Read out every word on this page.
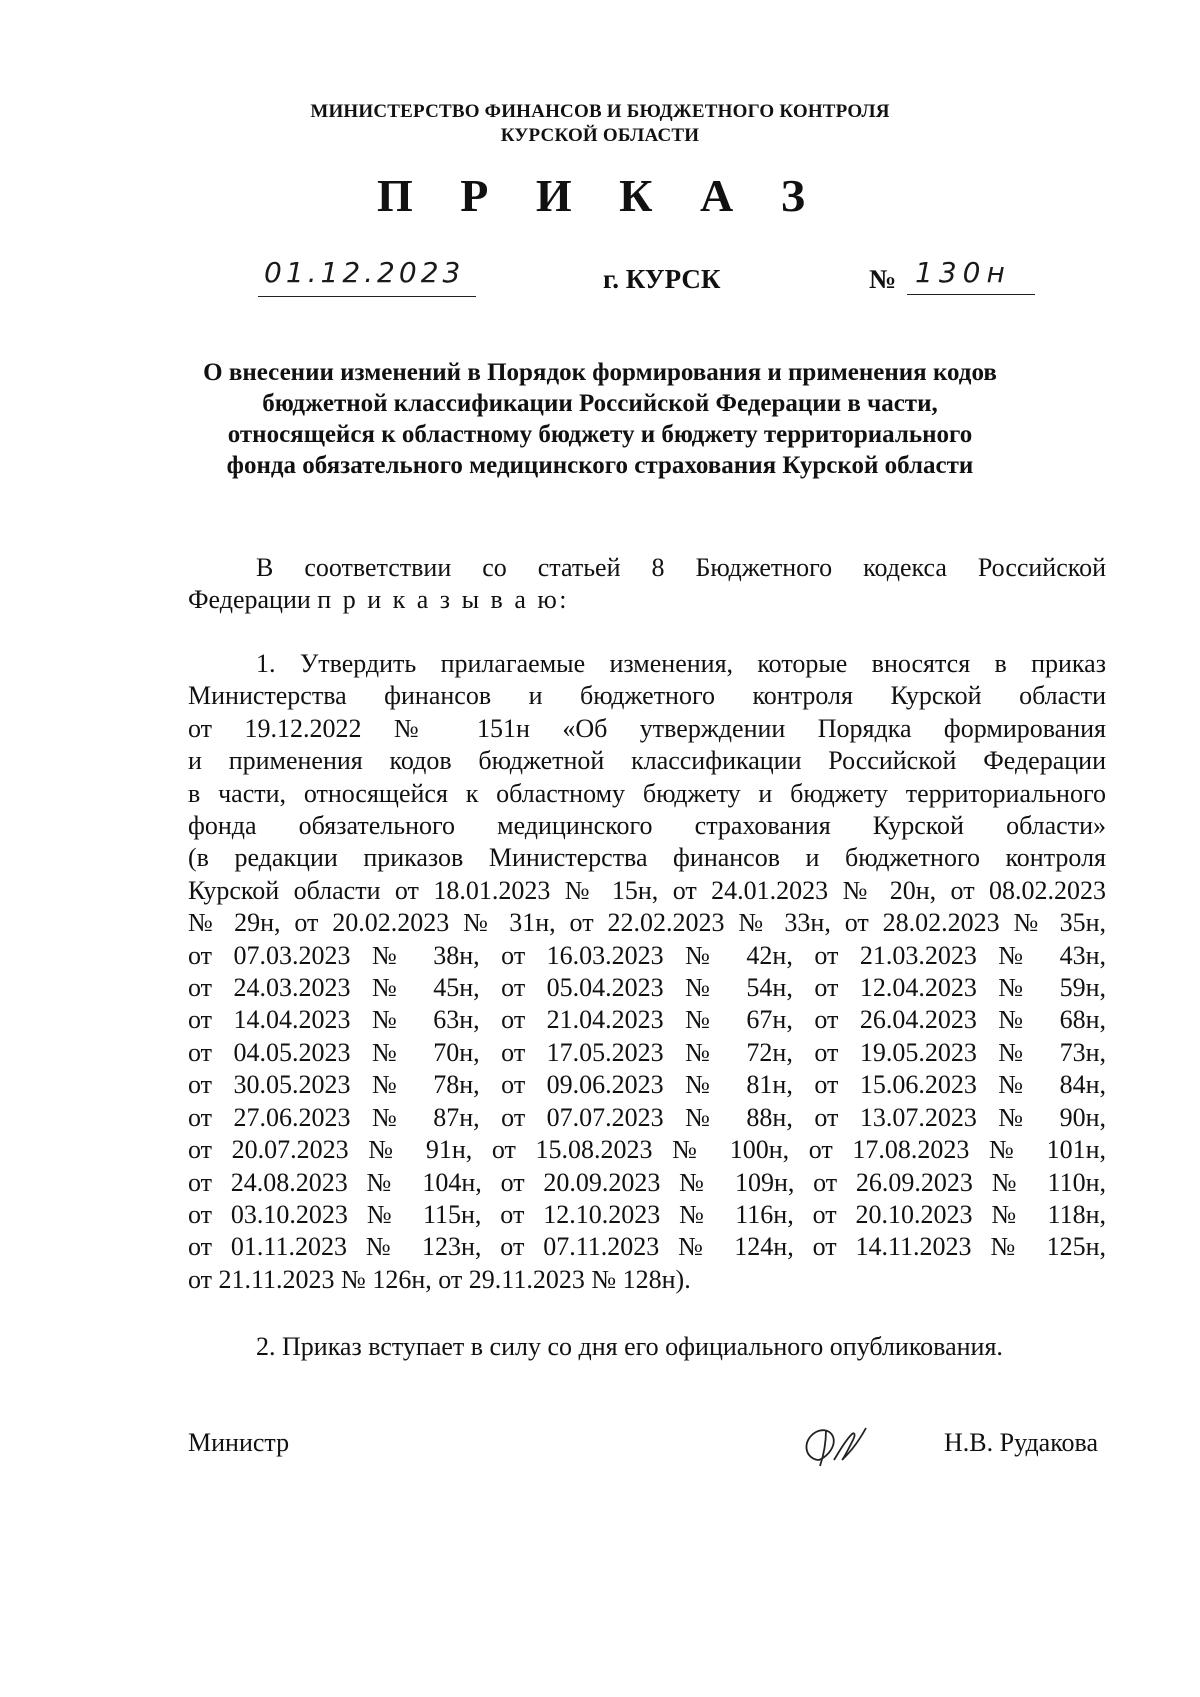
МИНИСТЕРСТВО ФИНАНСОВ И БЮДЖЕТНОГО КОНТРОЛЯ
КУРСКОЙ ОБЛАСТИ
П Р И К А З
01.12.2023	г. КУРСК	№ 130н
О внесении изменений в Порядок формирования и применения кодов
бюджетной классификации Российской Федерации в части,
относящейся к областному бюджету и бюджету территориального
фонда обязательного медицинского страхования Курской области
В соответствии со статьей 8 Бюджетного кодекса Российской
Федерации п р и к а з ы в а ю:
1. Утвердить прилагаемые изменения, которые вносятся в приказ
Министерства финансов и бюджетного контроля Курской области
от 19.12.2022 № 151н «Об утверждении Порядка формирования
и применения кодов бюджетной классификации Российской Федерации
в части, относящейся к областному бюджету и бюджету территориального
фонда обязательного медицинского страхования Курской области»
(в редакции приказов Министерства финансов и бюджетного контроля
Курской области от 18.01.2023 № 15н, от 24.01.2023 № 20н, от 08.02.2023
№ 29н, от 20.02.2023 № 31н, от 22.02.2023 № 33н, от 28.02.2023 № 35н,
от 07.03.2023 № 38н, от 16.03.2023 № 42н, от 21.03.2023 № 43н,
от 24.03.2023 № 45н, от 05.04.2023 № 54н, от 12.04.2023 № 59н,
от 14.04.2023 № 63н, от 21.04.2023 № 67н, от 26.04.2023 № 68н,
от 04.05.2023 № 70н, от 17.05.2023 № 72н, от 19.05.2023 № 73н,
от 30.05.2023 № 78н, от 09.06.2023 № 81н, от 15.06.2023 № 84н,
от 27.06.2023 № 87н, от 07.07.2023 № 88н, от 13.07.2023 № 90н,
от 20.07.2023 № 91н, от 15.08.2023 № 100н, от 17.08.2023 № 101н,
от 24.08.2023 № 104н, от 20.09.2023 № 109н, от 26.09.2023 № 110н,
от 03.10.2023 № 115н, от 12.10.2023 № 116н, от 20.10.2023 № 118н,
от 01.11.2023 № 123н, от 07.11.2023 № 124н, от 14.11.2023 № 125н,
от 21.11.2023 № 126н, от 29.11.2023 № 128н).
2. Приказ вступает в силу со дня его официального опубликования.
Министр	Н.В. Рудакова
